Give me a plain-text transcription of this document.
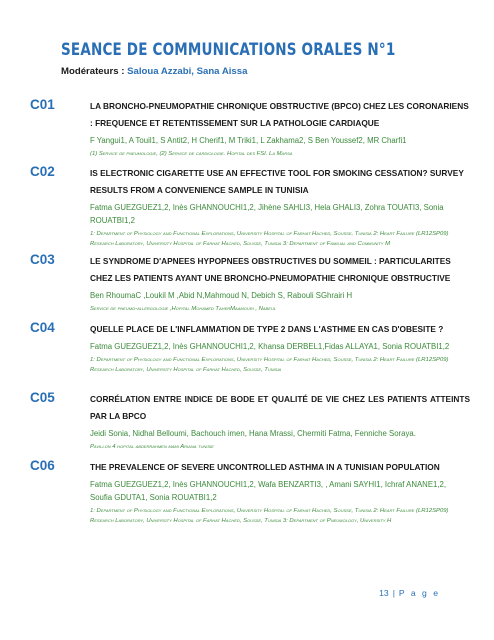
SEANCE DE COMMUNICATIONS ORALES N°1
Modérateurs : Saloua Azzabi, Sana Aissa
C01	LA BRONCHO-PNEUMOPATHIE CHRONIQUE OBSTRUCTIVE (BPCO) CHEZ LES CORONARIENS : FREQUENCE ET RETENTISSEMENT SUR LA PATHOLOGIE CARDIAQUE
F Yangui1, A Touil1, S Antit2, H Cherif1, M Triki1, L Zakhama2, S Ben Youssef2, MR Charfi1
(1) Service de pneumologie, (2) Service de cardiologie. Hopital des FSI. La Marsa
C02	IS ELECTRONIC CIGARETTE USE AN EFFECTIVE TOOL FOR SMOKING CESSATION? SURVEY RESULTS FROM A CONVENIENCE SAMPLE IN TUNISIA
Fatma GUEZGUEZ1,2, Inès GHANNOUCHI1,2, Jihène SAHLI3, Hela GHALI3, Zohra TOUATI3, Sonia ROUATBI1,2
1: Department of Physiology and Functional Explorations, University Hospital of Farhat Hached, Sousse, Tunisia 2: Heart Failure (LR12SP09) Research Laboratory, University Hospital of Farhat Hached, Sousse, Tunisia 3: Department of Familial and Community M
C03	LE SYNDROME D'APNEES HYPOPNEES OBSTRUCTIVES DU SOMMEIL : PARTICULARITES CHEZ LES PATIENTS AYANT UNE BRONCHO-PNEUMOPATHIE CHRONIQUE OBSTRUCTIVE
Ben RhoumaC ,Loukil M ,Abid N,Mahmoud N, Debich S, Rabouli SGhrairi H
Service de pneumo-allergologie ,Hopital Mohamed TaherMaamouri , Nabeul
C04	QUELLE PLACE DE L'INFLAMMATION DE TYPE 2 DANS L'ASTHME EN CAS D'OBESITE ?
Fatma GUEZGUEZ1,2, Inès GHANNOUCHI1,2, Khansa DERBEL1,Fidas ALLAYA1, Sonia ROUATBI1,2
1: Department of Physiology and Functional Explorations, University Hospital of Farhat Hached, Sousse, Tunisia 2: Heart Failure (LR12SP09) Research Laboratory, University Hospital of Farhat Hached, Sousse, Tunisia
C05	CORRÉLATION ENTRE INDICE DE BODE ET QUALITÉ DE VIE CHEZ LES PATIENTS ATTEINTS PAR LA BPCO
Jeidi Sonia, Nidhal Belloumi, Bachouch imen, Hana Mrassi, Chermiti Fatma, Fenniche Soraya.
Pavillon 4 hopital abderrahmen mami Ariana tunisie
C06	THE PREVALENCE OF SEVERE UNCONTROLLED ASTHMA IN A TUNISIAN POPULATION
Fatma GUEZGUEZ1,2, Inès GHANNOUCHI1,2, Wafa BENZARTI3, , Amani SAYHI1, Ichraf ANANE1,2, Soufia GDUTA1, Sonia ROUATBI1,2
1: Department of Physiology and Functional Explorations, University Hospital of Farhat Hached, Sousse, Tunisia 2: Heart Failure (LR12SP09) Research Laboratory, University Hospital of Farhat Hached, Sousse, Tunisia 3: Department of Pneumology, University H
13 | P a g e
